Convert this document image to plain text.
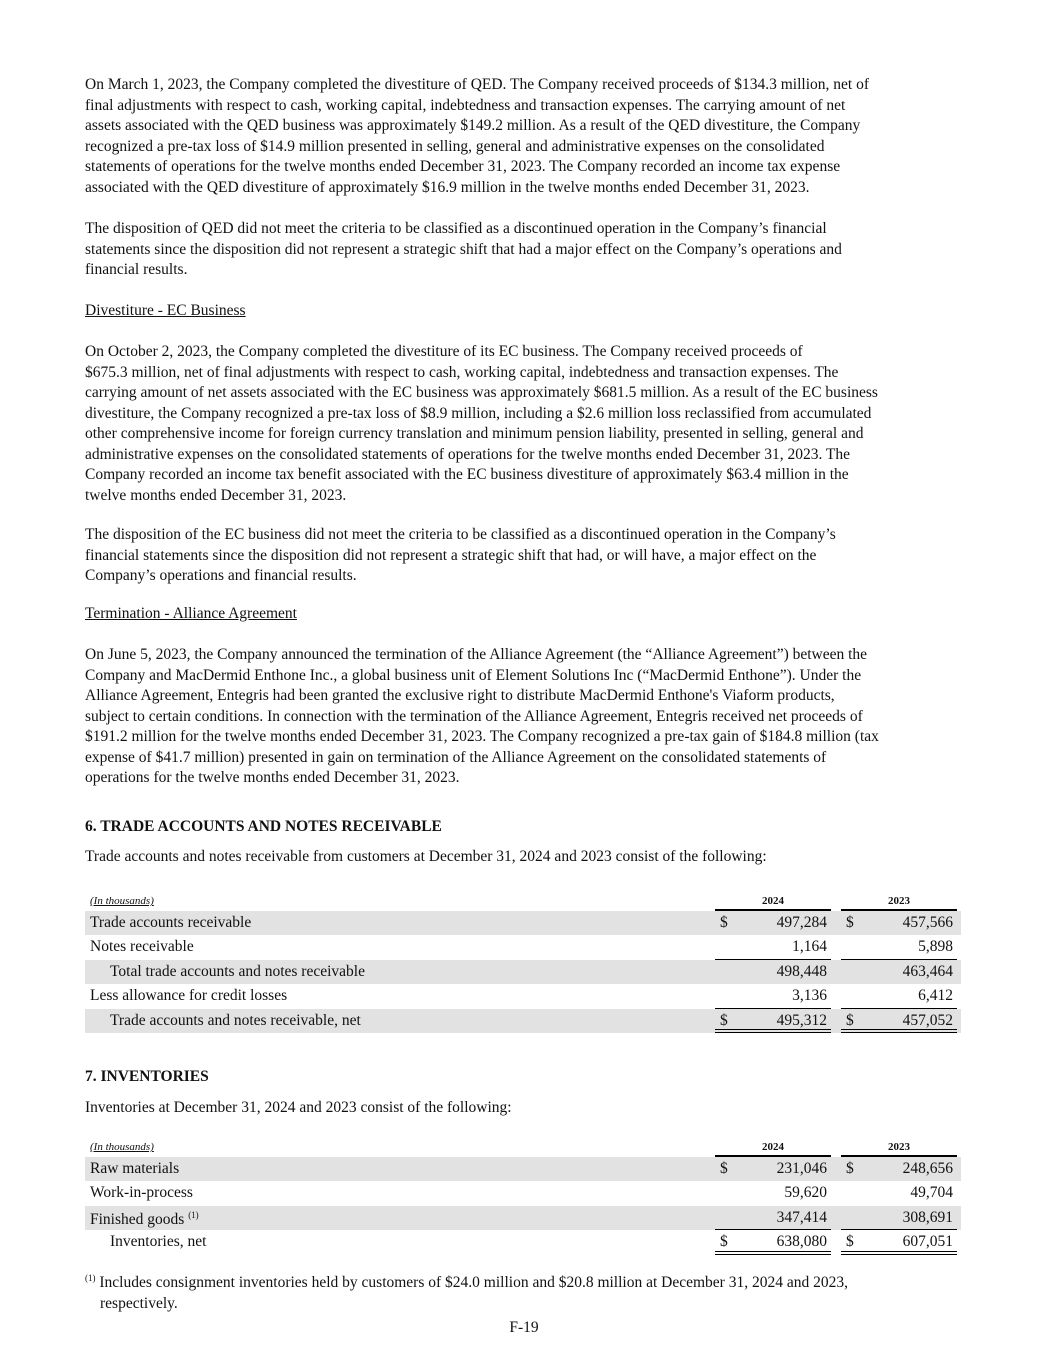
On March 1, 2023, the Company completed the divestiture of QED. The Company received proceeds of $134.3 million, net of
final adjustments with respect to cash, working capital, indebtedness and transaction expenses. The carrying amount of net
assets associated with the QED business was approximately $149.2 million. As a result of the QED divestiture, the Company
recognized a pre-tax loss of $14.9 million presented in selling, general and administrative expenses on the consolidated
statements of operations for the twelve months ended December 31, 2023. The Company recorded an income tax expense
associated with the QED divestiture of approximately $16.9 million in the twelve months ended December 31, 2023.
The disposition of QED did not meet the criteria to be classified as a discontinued operation in the Company’s financial
statements since the disposition did not represent a strategic shift that had a major effect on the Company’s operations and
financial results.
Divestiture - EC Business
On October 2, 2023, the Company completed the divestiture of its EC business. The Company received proceeds of
$675.3 million, net of final adjustments with respect to cash, working capital, indebtedness and transaction expenses. The
carrying amount of net assets associated with the EC business was approximately $681.5 million. As a result of the EC business
divestiture, the Company recognized a pre-tax loss of $8.9 million, including a $2.6 million loss reclassified from accumulated
other comprehensive income for foreign currency translation and minimum pension liability, presented in selling, general and
administrative expenses on the consolidated statements of operations for the twelve months ended December 31, 2023. The
Company recorded an income tax benefit associated with the EC business divestiture of approximately $63.4 million in the
twelve months ended December 31, 2023.
The disposition of the EC business did not meet the criteria to be classified as a discontinued operation in the Company’s
financial statements since the disposition did not represent a strategic shift that had, or will have, a major effect on the
Company’s operations and financial results.
Termination - Alliance Agreement
On June 5, 2023, the Company announced the termination of the Alliance Agreement (the “Alliance Agreement”) between the
Company and MacDermid Enthone Inc., a global business unit of Element Solutions Inc (“MacDermid Enthone”). Under the
Alliance Agreement, Entegris had been granted the exclusive right to distribute MacDermid Enthone's Viaform products,
subject to certain conditions. In connection with the termination of the Alliance Agreement, Entegris received net proceeds of
$191.2 million for the twelve months ended December 31, 2023. The Company recognized a pre-tax gain of $184.8 million (tax
expense of $41.7 million) presented in gain on termination of the Alliance Agreement on the consolidated statements of
operations for the twelve months ended December 31, 2023.
6. TRADE ACCOUNTS AND NOTES RECEIVABLE
Trade accounts and notes receivable from customers at December 31, 2024 and 2023 consist of the following:
(In thousands)	2024	2023
Trade accounts receivable	$	497,284 $	457,566
Notes receivable	1,164	5,898
Total trade accounts and notes receivable	498,448	463,464
Less allowance for credit losses	3,136	6,412
Trade accounts and notes receivable, net	$	495,312 $	457,052
7. INVENTORIES
Inventories at December 31, 2024 and 2023 consist of the following:
(In thousands)	2024	2023
Raw materials	$	231,046 $	248,656
Work-in-process	59,620	49,704
Finished goods $^{(1)}$	347,414	308,691
Inventories, net	$	638,080 $	607,051
$^{(1)}$ Includes consignment inventories held by customers of $24.0 million and $20.8 million at December 31, 2024 and 2023,
respectively.
F-19
